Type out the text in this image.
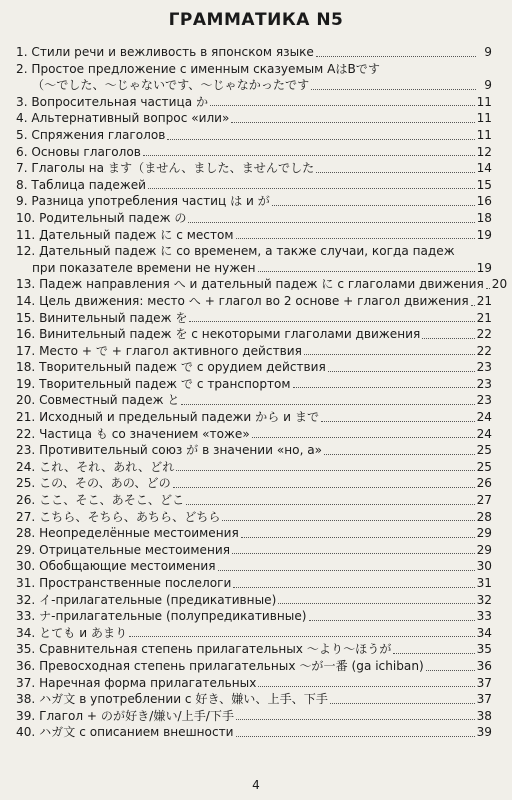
ГРАММАТИКА N5
1. Стили речи и вежливость в японском языке	9
2. Простое предложение с именным сказуемым AはBです
（～でした、～じゃないです、～じゃなかったです	9
3. Вопросительная частица か	11
4. Альтернативный вопрос «или»	11
5. Спряжения глаголов	11
6. Основы глаголов	12
7. Глаголы на ます（ません、ました、ませんでした	14
8. Таблица падежей	15
9. Разница употребления частиц は и が	16
10. Родительный падеж の	18
11. Дательный падеж に с местом	19
12. Дательный падеж に со временем, а также случаи, когда падеж
при показателе времени не нужен	19
13. Падеж направления へ и дательный падеж に с глаголами движения 20
14. Цель движения: место へ + глагол во 2 основе + глагол движения 21
15. Винительный падеж を	21
16. Винительный падеж を с некоторыми глаголами движения	22
17. Место + で + глагол активного действия	22
18. Творительный падеж で с орудием действия	23
19. Творительный падеж で с транспортом	23
20. Совместный падеж と	23
21. Исходный и предельный падежи から и まで	24
22. Частица も со значением «тоже»	24
23. Противительный союз が в значении «но, а»	25
24. これ、それ、あれ、どれ	25
25. この、その、あの、どの	26
26. ここ、そこ、あそこ、どこ	27
27. こちら、そちら、あちら、どちら	28
28. Неопределённые местоимения	29
29. Отрицательные местоимения	29
30. Обобщающие местоимения	30
31. Пространственные послелоги	31
32. イ-прилагательные (предикативные)	32
33. ナ-прилагательные (полупредикативные)	33
34. とても и あまり	34
35. Сравнительная степень прилагательных ～より～ほうが	35
36. Превосходная степень прилагательных ～が一番 (ga ichiban)	36
37. Наречная форма прилагательных	37
38. ハガ文 в употреблении с 好き、嫌い、上手、下手	37
39. Глагол + のが好き/嫌い/上手/下手	38
40. ハガ文 с описанием внешности	39
4
